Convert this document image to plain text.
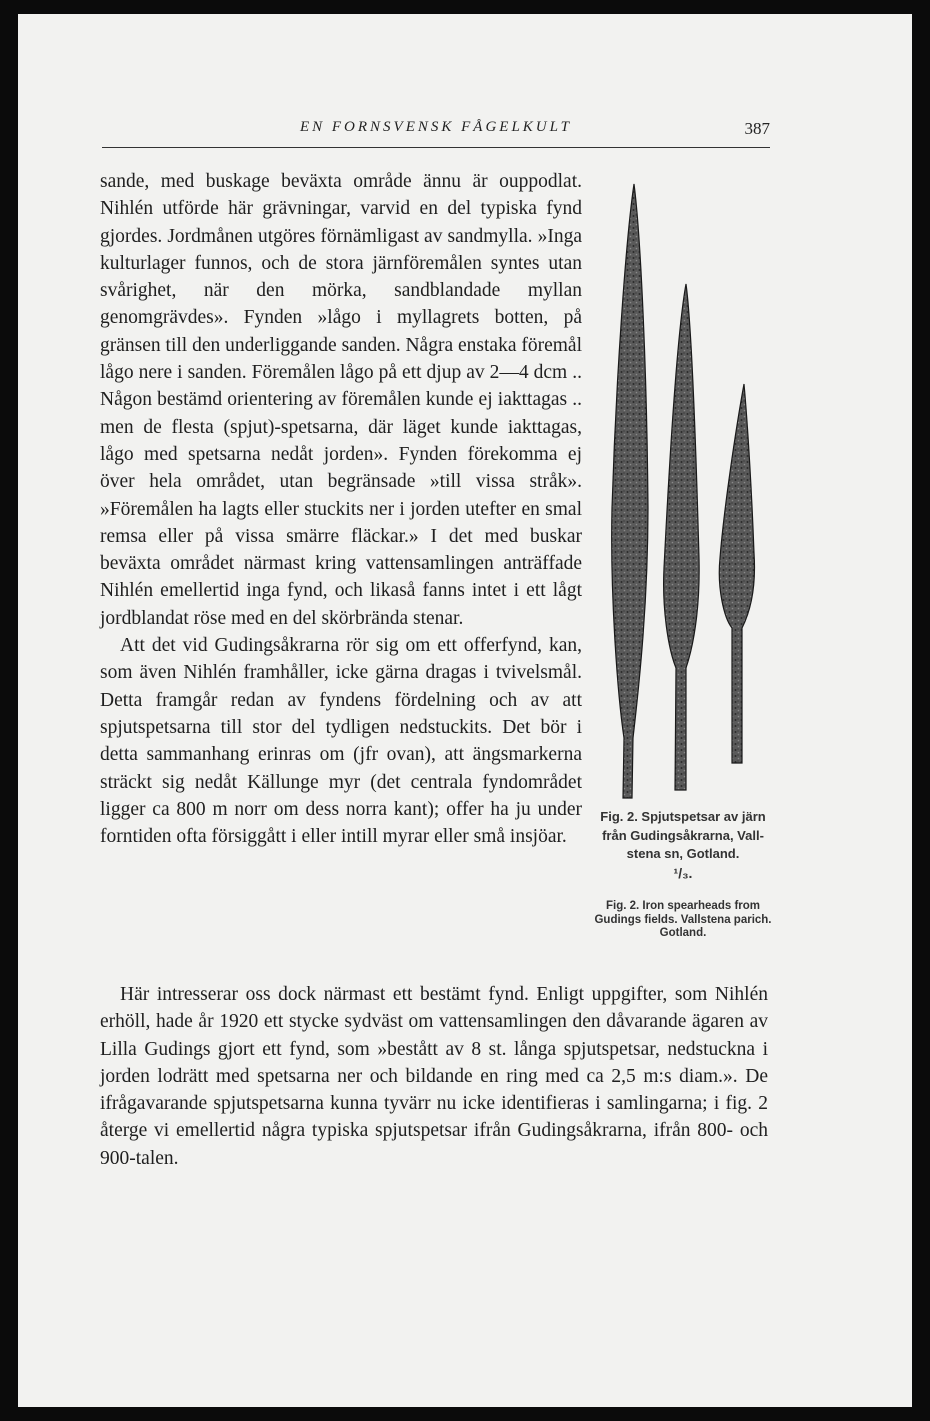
EN FORNSVENSK FÅGELKULT	387

sande, med buskage beväxta område ännu är ouppodlat. Nihlén utförde här grävningar, varvid en del typiska fynd gjordes. Jordmånen utgöres förnämligast av sandmylla. »Inga kulturlager funnos, och de stora järnföremålen syntes utan svårighet, när den mörka, sandblandade myllan genomgrävdes». Fynden »lågo i myllagrets botten, på gränsen till den underliggande sanden. Några enstaka föremål lågo nere i sanden. Föremålen lågo på ett djup av 2—4 dcm .. Någon bestämd orientering av föremålen kunde ej iakttagas .. men de flesta (spjut)-spetsarna, där läget kunde iakttagas, lågo med spetsarna nedåt jorden». Fynden förekomma ej över hela området, utan begränsade »till vissa stråk». »Föremålen ha lagts eller stuckits ner i jorden utefter en smal remsa eller på vissa smärre fläckar.» I det med buskar beväxta området närmast kring vattensamlingen anträffade Nihlén emellertid inga fynd, och likaså fanns intet i ett lågt jordblandat röse med en del skörbrända stenar.

Att det vid Gudingsåkrarna rör sig om ett offerfynd, kan, som även Nihlén framhåller, icke gärna dragas i tvivelsmål. Detta framgår redan av fyndens fördelning och av att spjutspetsarna till stor del tydligen nedstuckits. Det bör i detta sammanhang erinras om (jfr ovan), att ängsmarkerna sträckt sig nedåt Källunge myr (det centrala fyndområdet ligger ca 800 m norr om dess norra kant); offer ha ju under forntiden ofta försiggått i eller intill myrar eller små insjöar.

Fig. 2. Spjutspetsar av järn från Gudingsåkrarna, Vallstena sn, Gotland.
¹/₃.
Fig. 2. Iron spearheads from Gudings fields. Vallstena parich. Gotland.

Här intresserar oss dock närmast ett bestämt fynd. Enligt uppgifter, som Nihlén erhöll, hade år 1920 ett stycke sydväst om vattensamlingen den dåvarande ägaren av Lilla Gudings gjort ett fynd, som »bestått av 8 st. långa spjutspetsar, nedstuckna i jorden lodrätt med spetsarna ner och bildande en ring med ca 2,5 m:s diam.». De ifrågavarande spjutspetsarna kunna tyvärr nu icke identifieras i samlingarna; i fig. 2 återge vi emellertid några typiska spjutspetsar ifrån Gudingsåkrarna, ifrån 800- och 900-talen.
